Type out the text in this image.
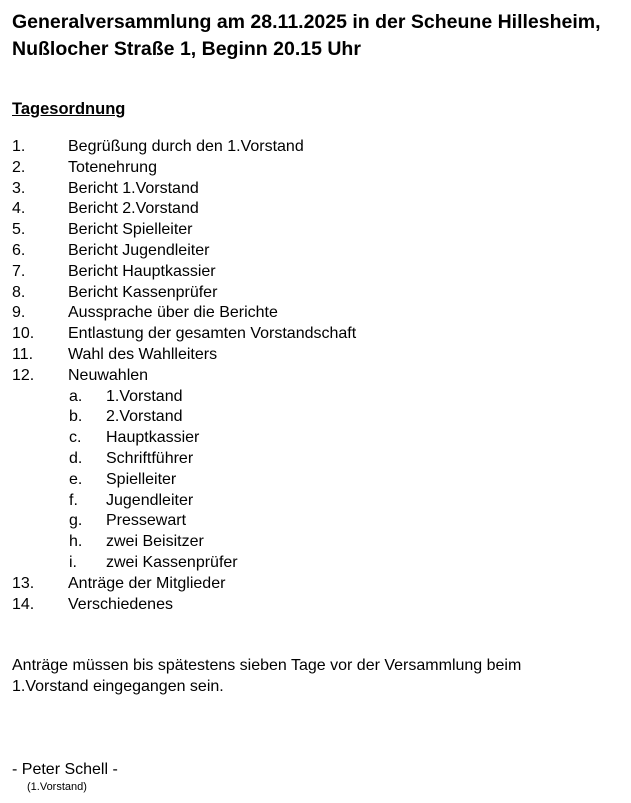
Generalversammlung am 28.11.2025 in der Scheune Hillesheim,
Nußlocher Straße 1, Beginn 20.15 Uhr
Tagesordnung
1.	Begrüßung durch den 1.Vorstand
2.	Totenehrung
3.	Bericht 1.Vorstand
4.	Bericht 2.Vorstand
5.	Bericht Spielleiter
6.	Bericht Jugendleiter
7.	Bericht Hauptkassier
8.	Bericht Kassenprüfer
9.	Aussprache über die Berichte
10. Entlastung der gesamten Vorstandschaft
11. Wahl des Wahlleiters
12. Neuwahlen
a. 1.Vorstand
b. 2.Vorstand
c. Hauptkassier
d. Schriftführer
e. Spielleiter
f. Jugendleiter
g. Pressewart
h. zwei Beisitzer
i. zwei Kassenprüfer
13. Anträge der Mitglieder
14. Verschiedenes
Anträge müssen bis spätestens sieben Tage vor der Versammlung beim
1.Vorstand eingegangen sein.
- Peter Schell -
(1.Vorstand)
